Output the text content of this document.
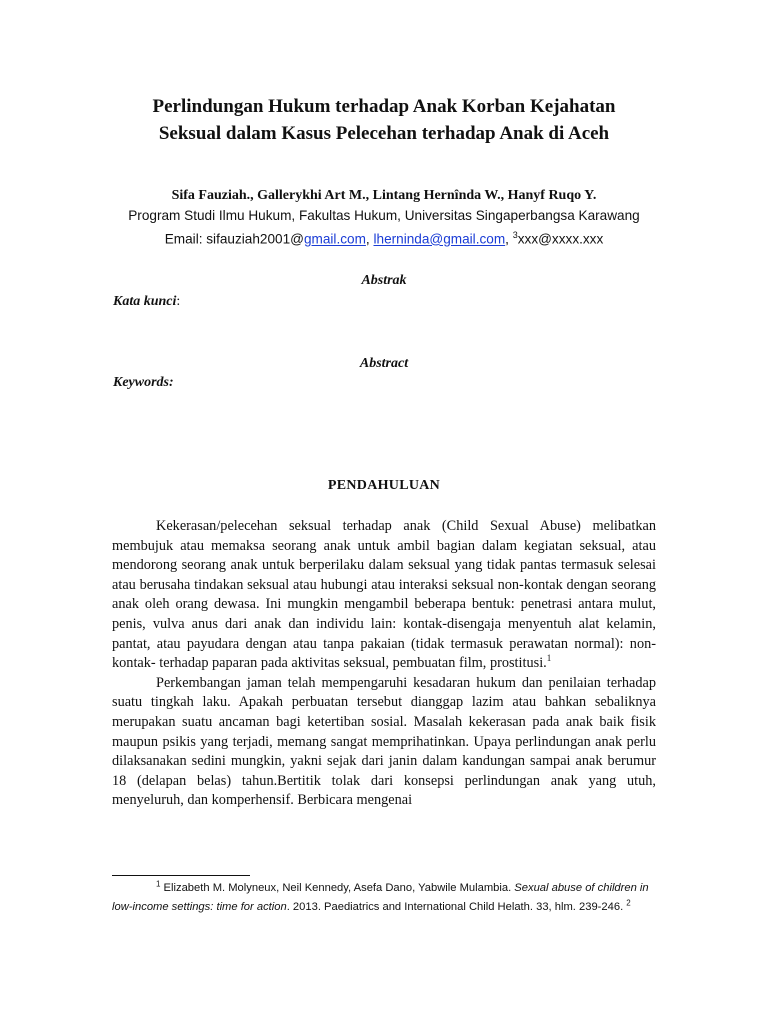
Perlindungan Hukum terhadap Anak Korban Kejahatan
Seksual dalam Kasus Pelecehan terhadap Anak di Aceh
Sifa Fauziah., Gallerykhi Art M., Lintang Hernînda W., Hanyf Ruqo Y.
Program Studi Ilmu Hukum, Fakultas Hukum, Universitas Singaperbangsa Karawang
Email: sifauziah2001@gmail.com, lherninda@gmail.com, $^3$xxx@xxxx.xxx
Abstrak
Kata kunci:
Abstract
Keywords:
PENDAHULUAN

Kekerasan/pelecehan seksual terhadap anak (Child Sexual Abuse) melibatkan membujuk atau memaksa seorang anak untuk ambil bagian dalam kegiatan seksual, atau mendorong seorang anak untuk berperilaku dalam seksual yang tidak pantas termasuk selesai atau berusaha tindakan seksual atau hubungi atau interaksi seksual non-kontak dengan seorang anak oleh orang dewasa. Ini mungkin mengambil beberapa bentuk: penetrasi antara mulut, penis, vulva anus dari anak dan individu lain: kontak-disengaja menyentuh alat kelamin, pantat, atau payudara dengan atau tanpa pakaian (tidak termasuk perawatan normal): non-kontak- terhadap paparan pada aktivitas seksual, pembuatan film, prostitusi.$^1$

Perkembangan jaman telah mempengaruhi kesadaran hukum dan penilaian terhadap suatu tingkah laku. Apakah perbuatan tersebut dianggap lazim atau bahkan sebaliknya merupakan suatu ancaman bagi ketertiban sosial. Masalah kekerasan pada anak baik fisik maupun psikis yang terjadi, memang sangat memprihatinkan. Upaya perlindungan anak perlu dilaksanakan sedini mungkin, yakni sejak dari janin dalam kandungan sampai anak berumur 18 (delapan belas) tahun.Bertitik tolak dari konsepsi perlindungan anak yang utuh, menyeluruh, dan komperhensif. Berbicara mengenai

$^1$ Elizabeth M. Molyneux, Neil Kennedy, Asefa Dano, Yabwile Mulambia. Sexual abuse of children in low-income settings: time for action. 2013. Paediatrics and International Child Helath. 33, hlm. 239-246. $^2$
